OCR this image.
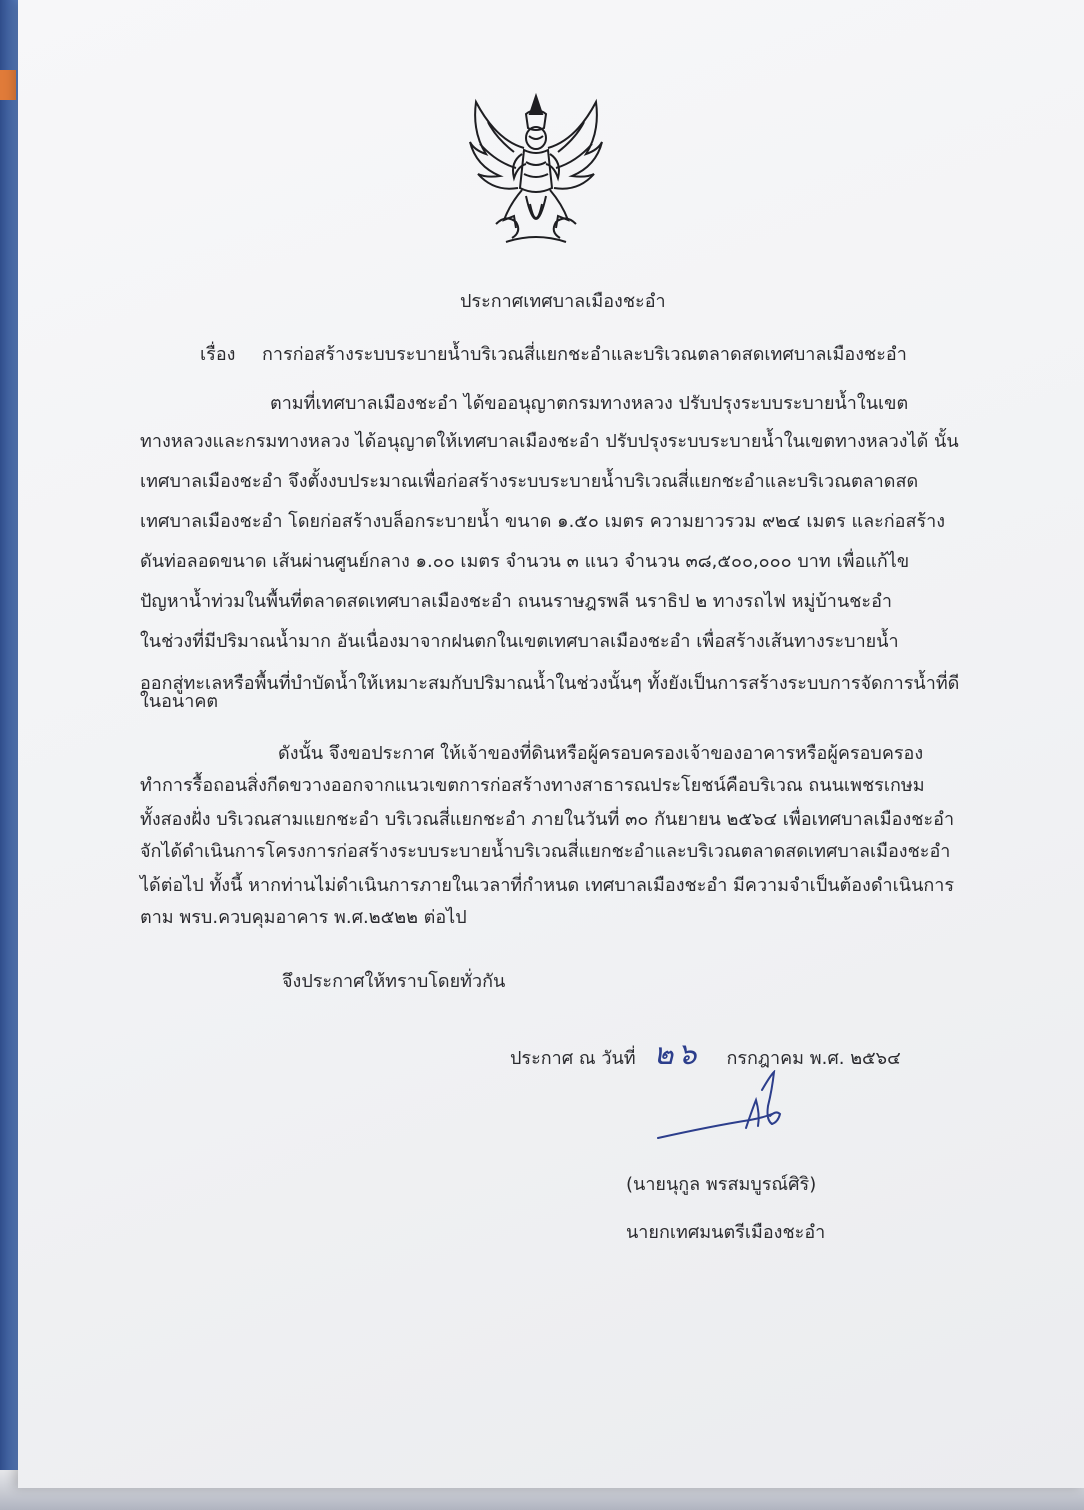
ประกาศเทศบาลเมืองชะอำ
เรื่อง การก่อสร้างระบบระบายน้ำบริเวณสี่แยกชะอำและบริเวณตลาดสดเทศบาลเมืองชะอำ
ตามที่เทศบาลเมืองชะอำ ได้ขออนุญาตกรมทางหลวง ปรับปรุงระบบระบายน้ำในเขต
ทางหลวงและกรมทางหลวง ได้อนุญาตให้เทศบาลเมืองชะอำ ปรับปรุงระบบระบายน้ำในเขตทางหลวงได้ นั้น
เทศบาลเมืองชะอำ จึงตั้งงบประมาณเพื่อก่อสร้างระบบระบายน้ำบริเวณสี่แยกชะอำและบริเวณตลาดสด
เทศบาลเมืองชะอำ โดยก่อสร้างบล็อกระบายน้ำ ขนาด ๑.๕๐ เมตร ความยาวรวม ๙๒๔ เมตร และก่อสร้าง
ดันท่อลอดขนาด เส้นผ่านศูนย์กลาง ๑.๐๐ เมตร จำนวน ๓ แนว จำนวน ๓๘,๕๐๐,๐๐๐ บาท เพื่อแก้ไข
ปัญหาน้ำท่วมในพื้นที่ตลาดสดเทศบาลเมืองชะอำ ถนนราษฎรพลี นราธิป ๒ ทางรถไฟ หมู่บ้านชะอำ
ในช่วงที่มีปริมาณน้ำมาก อันเนื่องมาจากฝนตกในเขตเทศบาลเมืองชะอำ เพื่อสร้างเส้นทางระบายน้ำ
ออกสู่ทะเลหรือพื้นที่บำบัดน้ำให้เหมาะสมกับปริมาณน้ำในช่วงนั้นๆ ทั้งยังเป็นการสร้างระบบการจัดการน้ำที่ดี
ในอนาคต
ดังนั้น จึงขอประกาศ ให้เจ้าของที่ดินหรือผู้ครอบครองเจ้าของอาคารหรือผู้ครอบครอง
ทำการรื้อถอนสิ่งกีดขวางออกจากแนวเขตการก่อสร้างทางสาธารณประโยชน์คือบริเวณ ถนนเพชรเกษม
ทั้งสองฝั่ง บริเวณสามแยกชะอำ บริเวณสี่แยกชะอำ ภายในวันที่ ๓๐ กันยายน ๒๕๖๔ เพื่อเทศบาลเมืองชะอำ
จักได้ดำเนินการโครงการก่อสร้างระบบระบายน้ำบริเวณสี่แยกชะอำและบริเวณตลาดสดเทศบาลเมืองชะอำ
ได้ต่อไป ทั้งนี้ หากท่านไม่ดำเนินการภายในเวลาที่กำหนด เทศบาลเมืองชะอำ มีความจำเป็นต้องดำเนินการ
จึงประกาศให้ทราบโดยทั่วกัน
ประกาศ ณ วันที่ ๒๖ กรกฎาคม พ.ศ. ๒๕๖๔
(นายนุกูล พรสมบูรณ์ศิริ)
นายกเทศมนตรีเมืองชะอำ
ตาม พรบ.ควบคุมอาคาร พ.ศ.๒๕๒๒ ต่อไป
